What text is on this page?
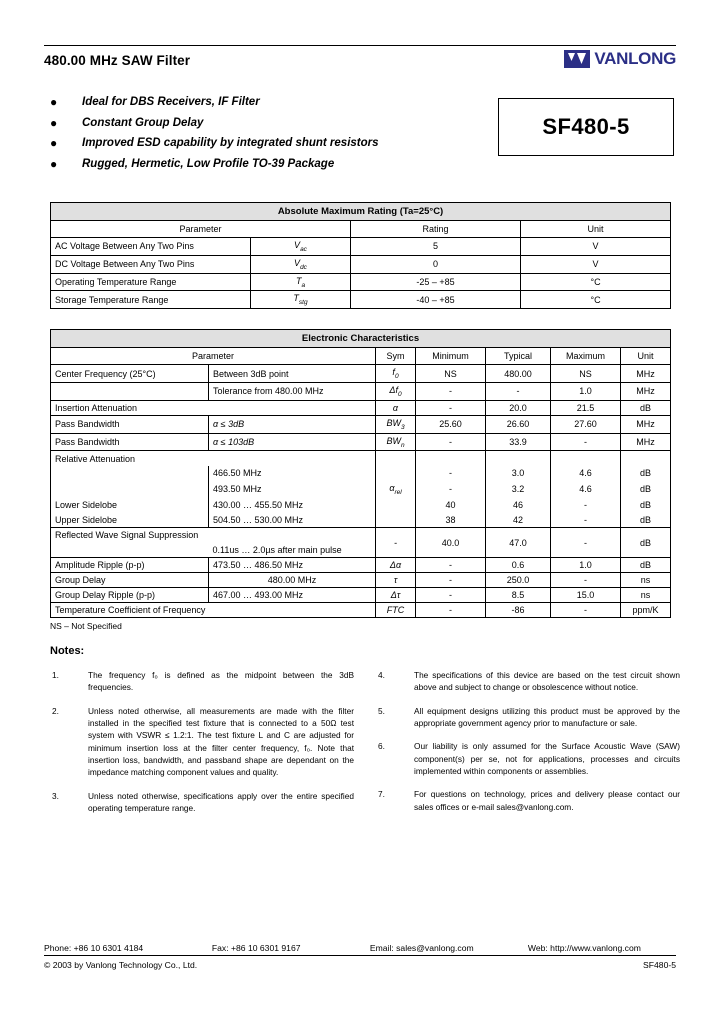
480.00 MHz SAW Filter	VANLONG
● Ideal for DBS Receivers, IF Filter
● Constant Group Delay
● Improved ESD capability by integrated shunt resistors
● Rugged, Hermetic, Low Profile TO-39 Package
SF480-5
Absolute Maximum Rating (Ta=25°C)			
Parameter		Rating	Unit
AC Voltage Between Any Two Pins	$V_{ac}$	5	V
DC Voltage Between Any Two Pins	$V_{dc}$	0	V
Operating Temperature Range	$T_a$	-25 – +85	°C
Storage Temperature Range	$T_{stg}$	-40 – +85	°C
Electronic Characteristics						
Parameter		Sym	Minimum	Typical	Maximum	Unit
Center Frequency (25°C)	Between 3dB point	$f_0$	NS	480.00	NS	MHz
	Tolerance from 480.00 MHz	$\Delta f_0$	-	-	1.0	MHz
Insertion Attenuation		α	-	20.0	21.5	dB
Pass Bandwidth	α ≤ 3dB	$BW_3$	25.60	26.60	27.60	MHz
Pass Bandwidth	α ≤ 103dB	$BW_n$	-	33.9	-	MHz
Relative Attenuation						
	466.50 MHz		-	3.0	4.6	dB
	493.50 MHz	$\alpha_{rel}$	-	3.2	4.6	dB
Lower Sidelobe	430.00 … 455.50 MHz		40	46	-	dB
Upper Sidelobe	504.50 … 530.00 MHz		38	42	-	dB
Reflected Wave Signal Suppression		-	40.0	47.0	-	dB
	0.11us … 2.0µs after main pulse					
Amplitude Ripple (p-p)	473.50 … 486.50 MHz	Δα	-	0.6	1.0	dB
Group Delay	480.00 MHz	τ	-	250.0	-	ns
Group Delay Ripple (p-p)	467.00 … 493.00 MHz	Δτ	-	8.5	15.0	ns
Temperature Coefficient of Frequency		FTC	-	-86	-	ppm/K
NS – Not Specified
Notes:
1.	The frequency f₀ is defined as the midpoint between the 3dB frequencies.
2.	Unless noted otherwise, all measurements are made with the filter installed in the specified test fixture that is connected to a 50Ω test system with VSWR ≤ 1.2:1. The test fixture L and C are adjusted for minimum insertion loss at the filter center frequency, f₀. Note that insertion loss, bandwidth, and passband shape are dependant on the impedance matching component values and quality.
3.	Unless noted otherwise, specifications apply over the entire specified operating temperature range.
4.	The specifications of this device are based on the test circuit shown above and subject to change or obsolescence without notice.
5.	All equipment designs utilizing this product must be approved by the appropriate government agency prior to manufacture or sale.
6.	Our liability is only assumed for the Surface Acoustic Wave (SAW) component(s) per se, not for applications, processes and circuits implemented within components or assemblies.
7.	For questions on technology, prices and delivery please contact our sales offices or e-mail sales@vanlong.com.
Phone: +86 10 6301 4184	Fax: +86 10 6301 9167	Email: sales@vanlong.com	Web: http://www.vanlong.com
© 2003 by Vanlong Technology Co., Ltd.	SF480-5
